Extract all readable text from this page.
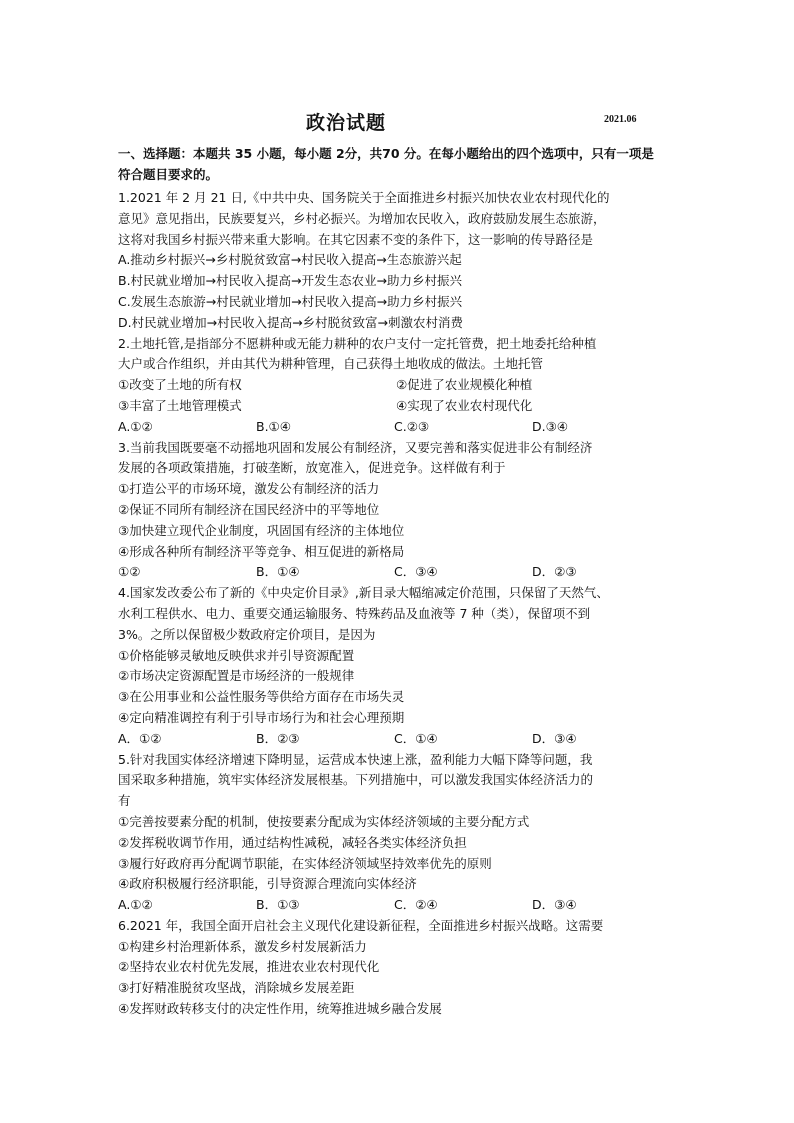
政治试题	2021.06
一、选择题：本题共 35 小题，每小题 2分，共70 分。在每小题给出的四个选项中，只有一项是
符合题目要求的。
1.2021 年 2 月 21 日,《中共中央、国务院关于全面推进乡村振兴加快农业农村现代化的
意见》意见指出，民族要复兴，乡村必振兴。为增加农民收入，政府鼓励发展生态旅游，
这将对我国乡村振兴带来重大影响。在其它因素不变的条件下，这一影响的传导路径是
A.推动乡村振兴→乡村脱贫致富→村民收入提高→生态旅游兴起
B.村民就业增加→村民收入提高→开发生态农业→助力乡村振兴
C.发展生态旅游→村民就业增加→村民收入提高→助力乡村振兴
D.村民就业增加→村民收入提高→乡村脱贫致富→刺激农村消费
2.土地托管,是指部分不愿耕种或无能力耕种的农户支付一定托管费，把土地委托给种植
大户或合作组织，并由其代为耕种管理，自己获得土地收成的做法。土地托管
①改变了土地的所有权	②促进了农业规模化种植
③丰富了土地管理模式	④实现了农业农村现代化
A.①②	B.①④	C.②③	D.③④
3.当前我国既要毫不动摇地巩固和发展公有制经济，又要完善和落实促进非公有制经济
发展的各项政策措施，打破垄断，放宽准入，促进竞争。这样做有利于
①打造公平的市场环境，激发公有制经济的活力
②保证不同所有制经济在国民经济中的平等地位
③加快建立现代企业制度，巩固国有经济的主体地位
④形成各种所有制经济平等竞争、相互促进的新格局
①②	B．①④	C．③④	D．②③
4.国家发改委公布了新的《中央定价目录》,新目录大幅缩减定价范围，只保留了天然气、
水利工程供水、电力、重要交通运输服务、特殊药品及血液等 7 种（类），保留项不到
3%。之所以保留极少数政府定价项目，是因为
①价格能够灵敏地反映供求并引导资源配置
②市场决定资源配置是市场经济的一般规律
③在公用事业和公益性服务等供给方面存在市场失灵
④定向精准调控有利于引导市场行为和社会心理预期
A．①②	B．②③	C．①④	D．③④
5.针对我国实体经济增速下降明显，运营成本快速上涨，盈利能力大幅下降等问题，我
国采取多种措施，筑牢实体经济发展根基。下列措施中，可以激发我国实体经济活力的
有
①完善按要素分配的机制，使按要素分配成为实体经济领域的主要分配方式
②发挥税收调节作用，通过结构性减税，减轻各类实体经济负担
③履行好政府再分配调节职能，在实体经济领域坚持效率优先的原则
④政府积极履行经济职能，引导资源合理流向实体经济
A.①②	B．①③	C．②④	D．③④
6.2021 年，我国全面开启社会主义现代化建设新征程，全面推进乡村振兴战略。这需要
①构建乡村治理新体系，激发乡村发展新活力
②坚持农业农村优先发展，推进农业农村现代化
③打好精准脱贫攻坚战，消除城乡发展差距
④发挥财政转移支付的决定性作用，统筹推进城乡融合发展
